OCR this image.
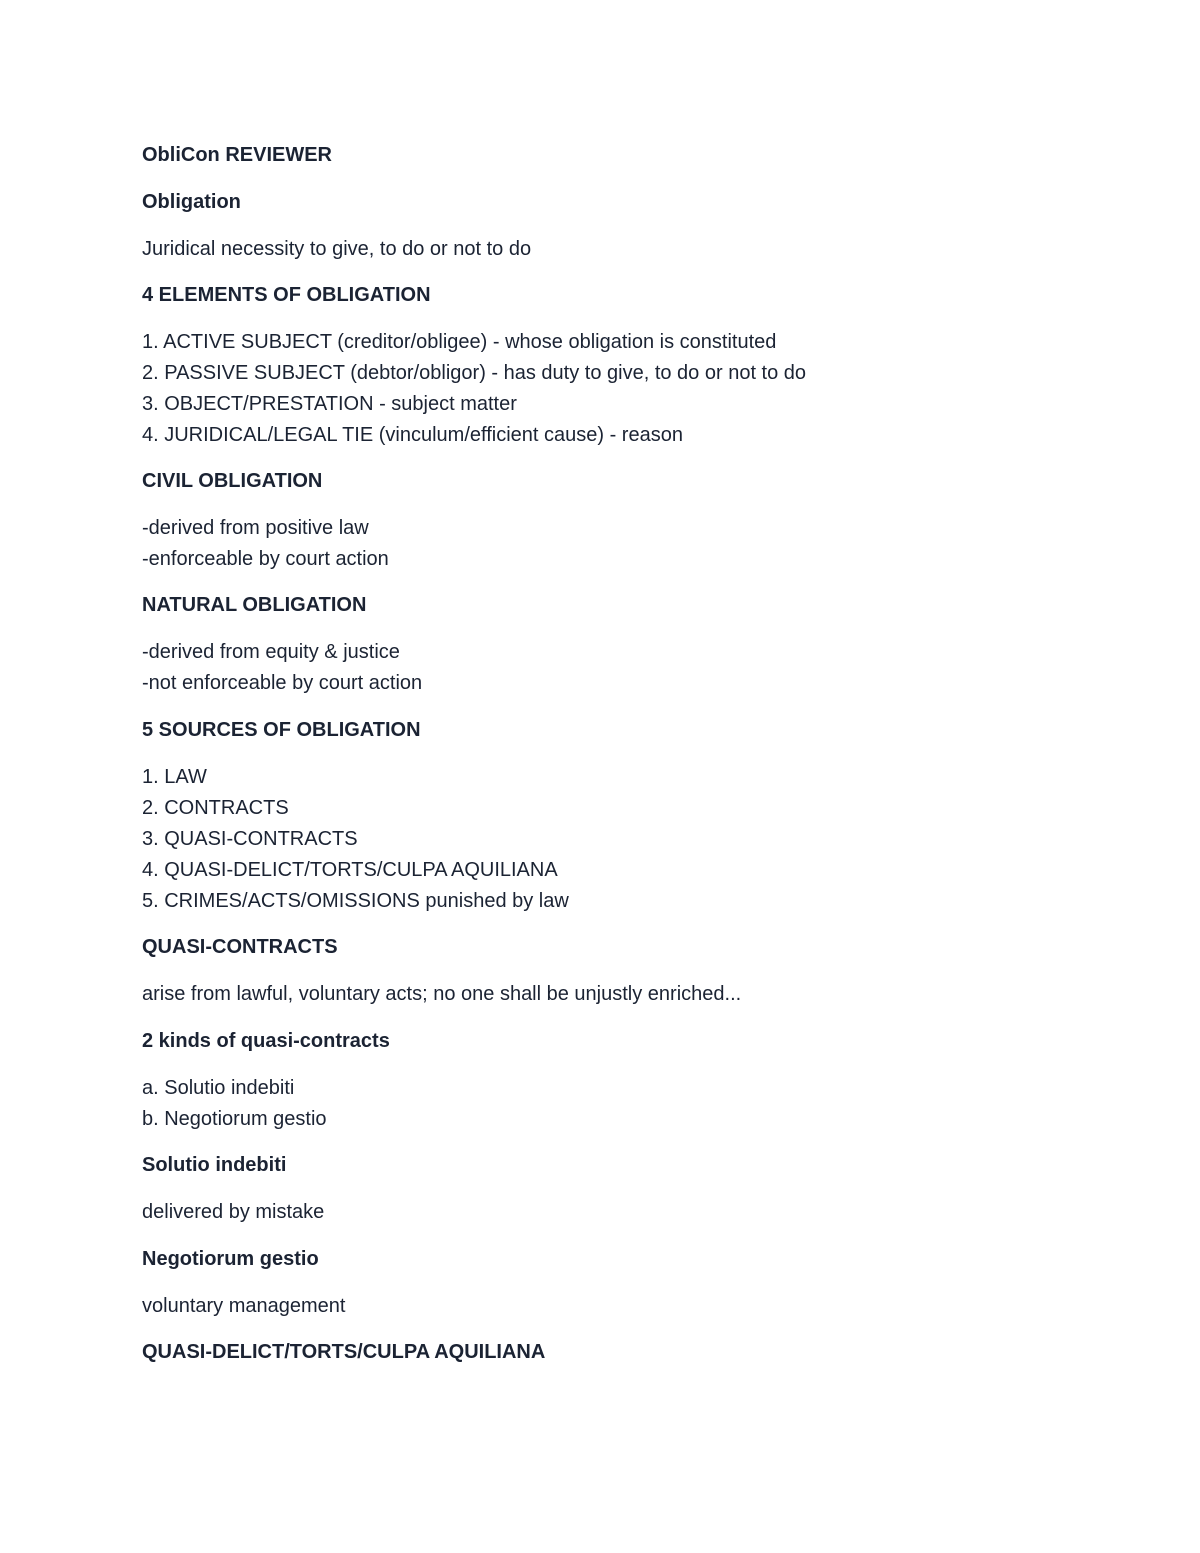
ObliCon REVIEWER
Obligation
Juridical necessity to give, to do or not to do
4 ELEMENTS OF OBLIGATION
1. ACTIVE SUBJECT (creditor/obligee) - whose obligation is constituted
2. PASSIVE SUBJECT (debtor/obligor) - has duty to give, to do or not to do
3. OBJECT/PRESTATION - subject matter
4. JURIDICAL/LEGAL TIE (vinculum/efficient cause) - reason
CIVIL OBLIGATION
-derived from positive law
-enforceable by court action
NATURAL OBLIGATION
-derived from equity & justice
-not enforceable by court action
5 SOURCES OF OBLIGATION
1. LAW
2. CONTRACTS
3. QUASI-CONTRACTS
4. QUASI-DELICT/TORTS/CULPA AQUILIANA
5. CRIMES/ACTS/OMISSIONS punished by law
QUASI-CONTRACTS
arise from lawful, voluntary acts; no one shall be unjustly enriched...
2 kinds of quasi-contracts
a. Solutio indebiti
b. Negotiorum gestio
Solutio indebiti
delivered by mistake
Negotiorum gestio
voluntary management
QUASI-DELICT/TORTS/CULPA AQUILIANA
